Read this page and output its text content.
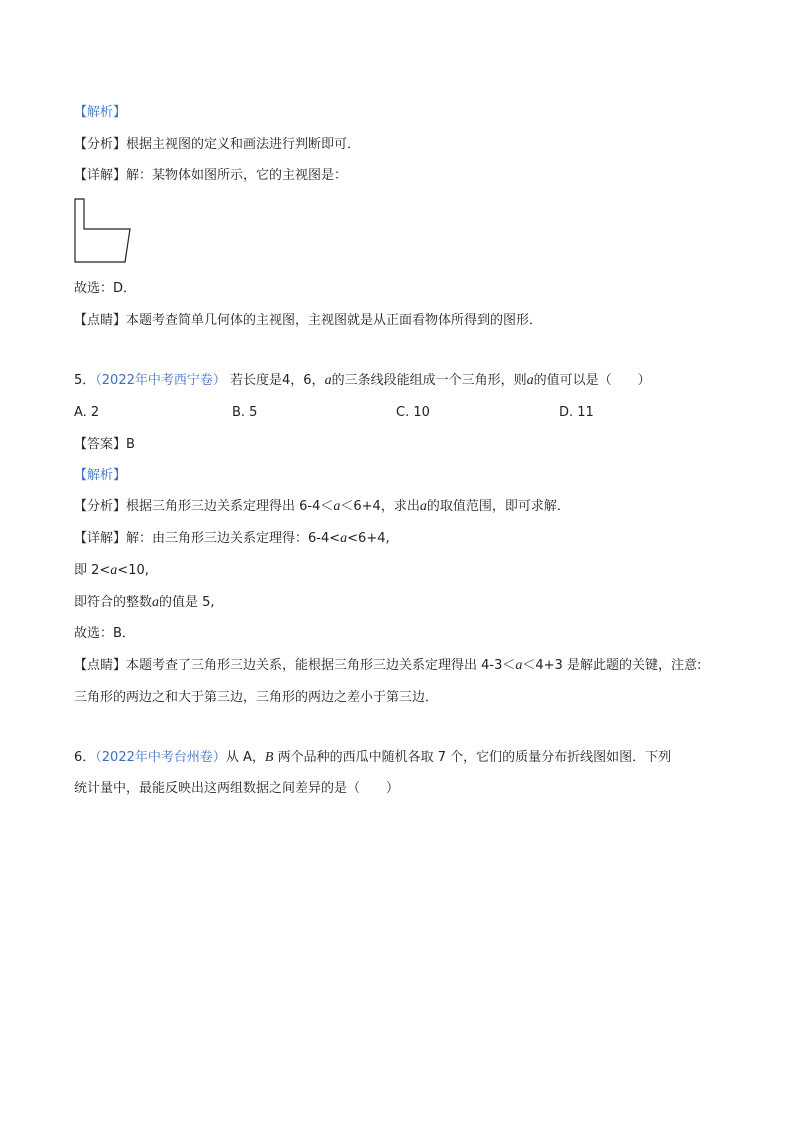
【解析】
【分析】根据主视图的定义和画法进行判断即可．
【详解】解：某物体如图所示，它的主视图是：
故选：D．
【点睛】本题考查简单几何体的主视图，主视图就是从正面看物体所得到的图形．
5．（2022年中考西宁卷） 若长度是4，6，a的三条线段能组成一个三角形，则a的值可以是（　　）
A. 2	B. 5	C. 10	D. 11
【答案】B
【解析】
【分析】根据三角形三边关系定理得出 6-4＜a＜6+4，求出a的取值范围，即可求解．
【详解】解：由三角形三边关系定理得：6-4<a<6+4,
即 2<a<10,
即符合的整数a的值是 5,
故选：B．
【点睛】本题考查了三角形三边关系，能根据三角形三边关系定理得出 4-3＜a＜4+3 是解此题的关键，注意:
三角形的两边之和大于第三边，三角形的两边之差小于第三边．
6．（2022年中考台州卷）从 A，B 两个品种的西瓜中随机各取 7 个，它们的质量分布折线图如图．下列
统计量中，最能反映出这两组数据之间差异的是（　　）
